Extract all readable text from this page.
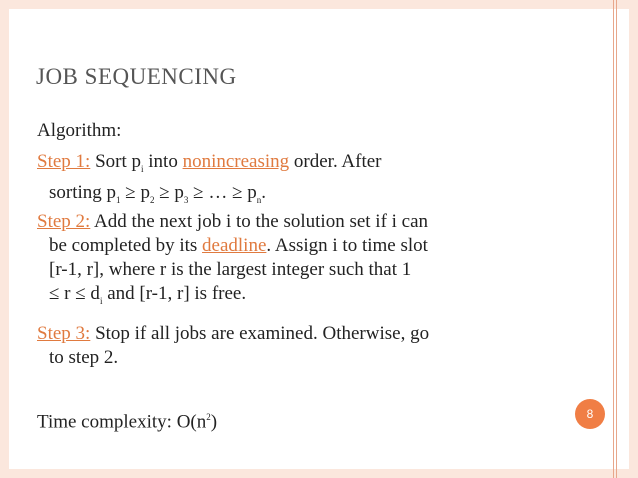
JOB SEQUENCING
Algorithm:
Step 1: Sort $p_i$ into nonincreasing order. After
sorting $p_1 \ge p_2 \ge p_3$ ≥ … ≥ $p_n$.
Step 2: Add the next job i to the solution set if i can
be completed by its deadline. Assign i to time slot
[r-1, r], where r is the largest integer such that 1
≤ $r \le d_i$ and [r-1, r] is free.
Step 3: Stop if all jobs are examined. Otherwise, go
to step 2.
Time complexity: $O(n^2)$	8
